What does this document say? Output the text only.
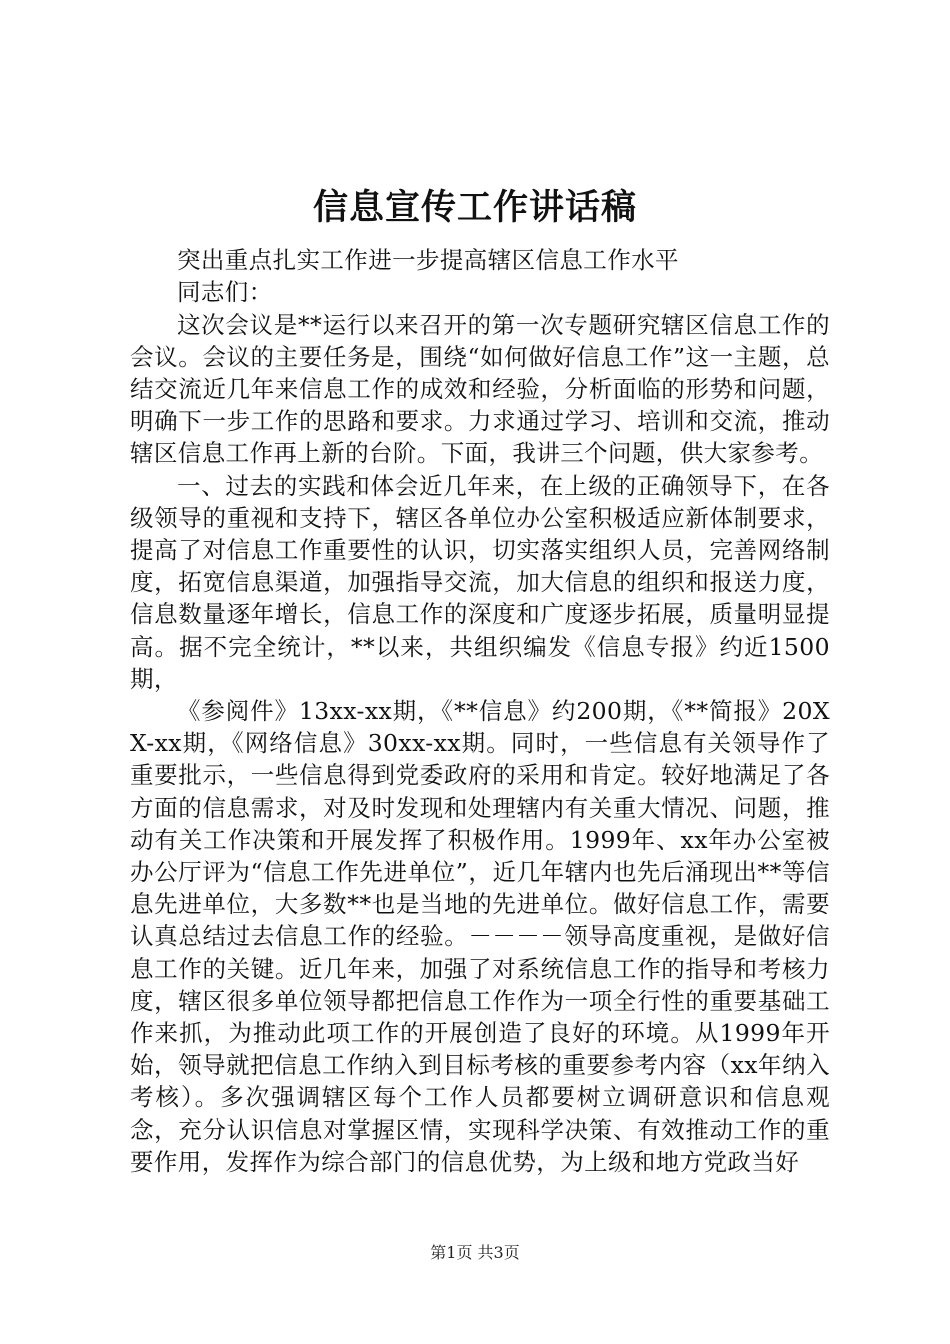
信息宣传工作讲话稿

突出重点扎实工作进一步提高辖区信息工作水平

同志们：

这次会议是**运行以来召开的第一次专题研究辖区信息工作的会议。会议的主要任务是，围绕“如何做好信息工作”这一主题，总结交流近几年来信息工作的成效和经验，分析面临的形势和问题，明确下一步工作的思路和要求。力求通过学习、培训和交流，推动辖区信息工作再上新的台阶。下面，我讲三个问题，供大家参考。

一、过去的实践和体会近几年来，在上级的正确领导下，在各级领导的重视和支持下，辖区各单位办公室积极适应新体制要求，提高了对信息工作重要性的认识，切实落实组织人员，完善网络制度，拓宽信息渠道，加强指导交流，加大信息的组织和报送力度，信息数量逐年增长，信息工作的深度和广度逐步拓展，质量明显提高。据不完全统计，**以来，共组织编发《信息专报》约近1500期，

《参阅件》13xx-xx期，《**信息》约200期，《**简报》20XX-xx期，《网络信息》30xx-xx期。同时，一些信息有关领导作了重要批示，一些信息得到党委政府的采用和肯定。较好地满足了各方面的信息需求，对及时发现和处理辖内有关重大情况、问题，推动有关工作决策和开展发挥了积极作用。1999年、xx年办公室被办公厅评为“信息工作先进单位”，近几年辖内也先后涌现出**等信息先进单位，大多数**也是当地的先进单位。做好信息工作，需要认真总结过去信息工作的经验。－－－－领导高度重视，是做好信息工作的关键。近几年来，加强了对系统信息工作的指导和考核力度，辖区很多单位领导都把信息工作作为一项全行性的重要基础工作来抓，为推动此项工作的开展创造了良好的环境。从1999年开始，领导就把信息工作纳入到目标考核的重要参考内容（xx年纳入考核）。多次强调辖区每个工作人员都要树立调研意识和信息观念，充分认识信息对掌握区情，实现科学决策、有效推动工作的重要作用，发挥作为综合部门的信息优势，为上级和地方党政当好

第1页 共3页
